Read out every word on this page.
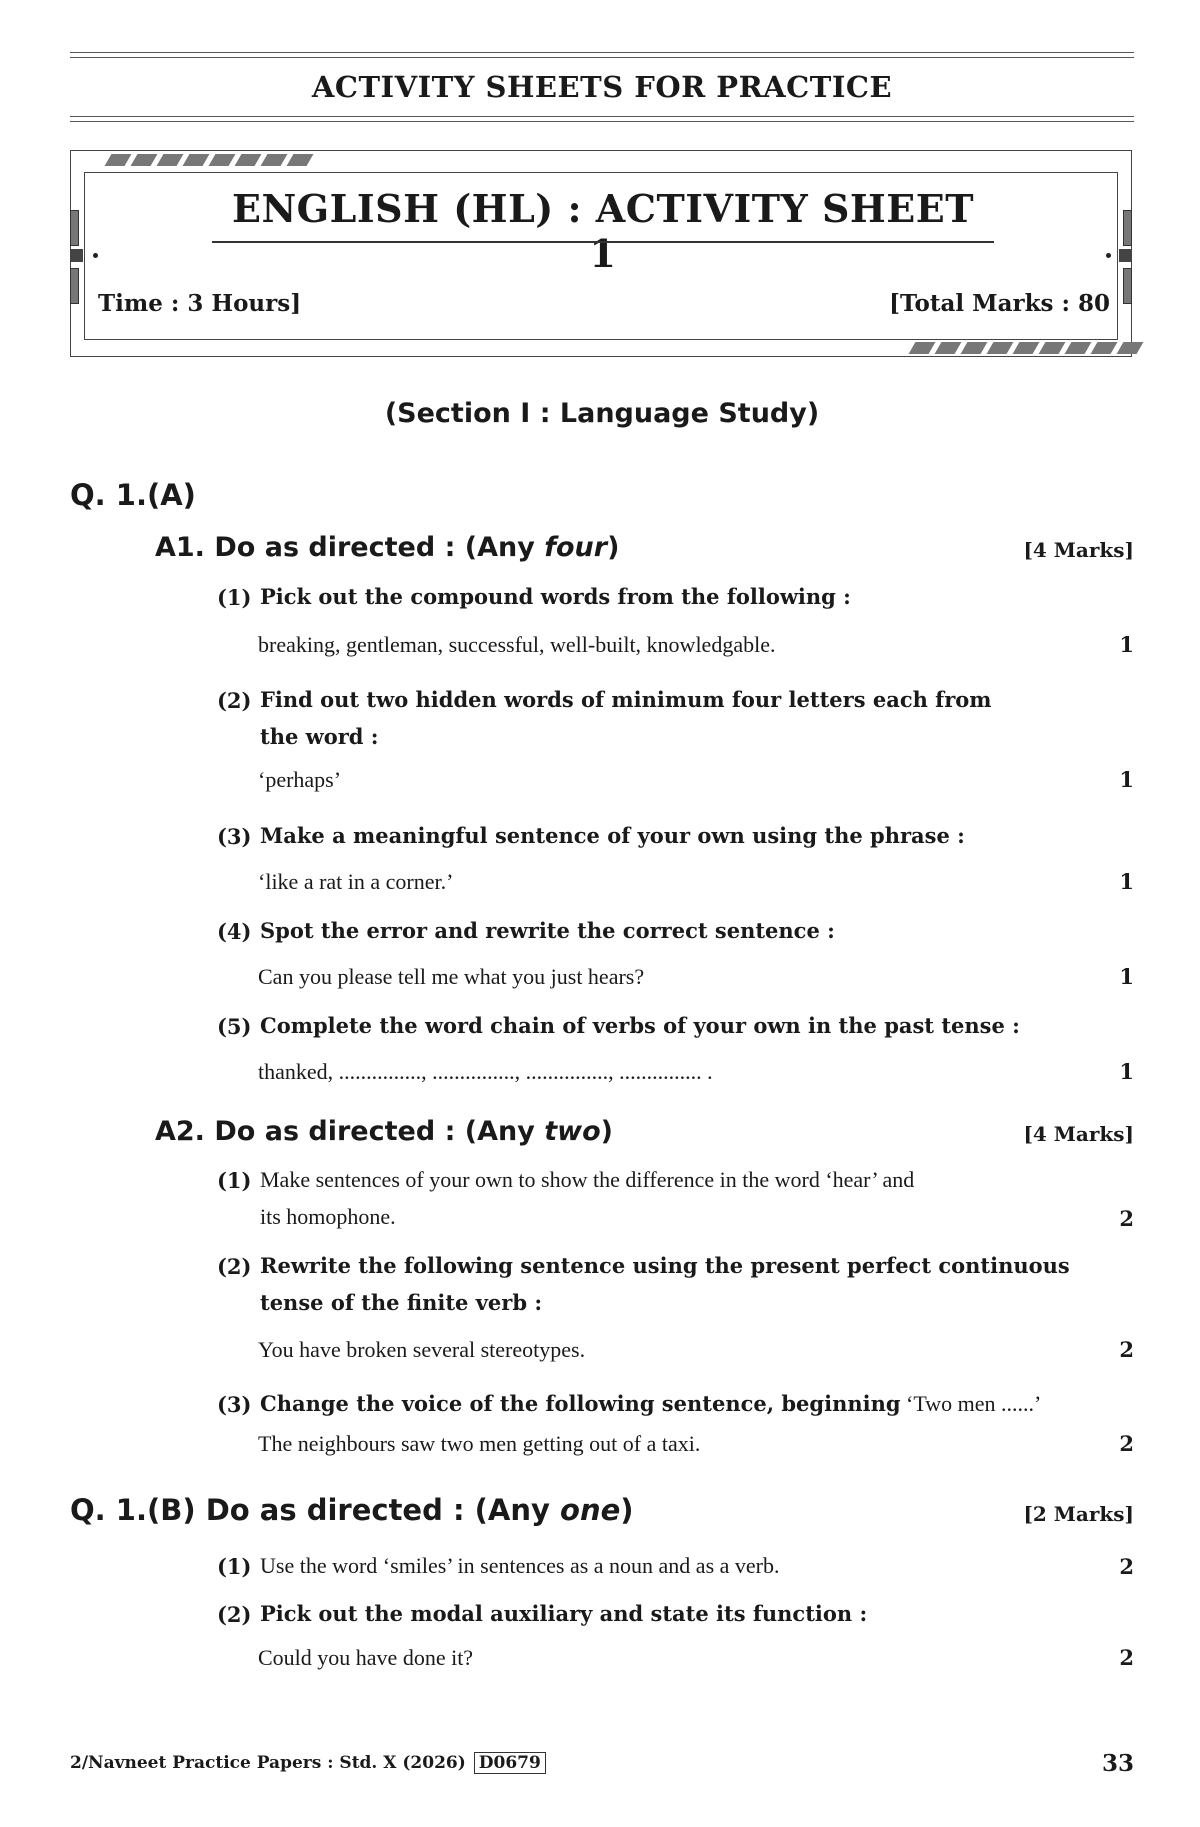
ACTIVITY SHEETS FOR PRACTICE
ENGLISH (HL) : ACTIVITY SHEET 1
Time : 3 Hours]	[Total Marks : 80
(Section I : Language Study)
Q. 1.(A)
A1. Do as directed : (Any four)	[4 Marks]
(1) Pick out the compound words from the following :
breaking, gentleman, successful, well-built, knowledgable.	1
(2) Find out two hidden words of minimum four letters each from
the word :
‘perhaps’	1
(3) Make a meaningful sentence of your own using the phrase :
‘like a rat in a corner.’	1
(4) Spot the error and rewrite the correct sentence :
Can you please tell me what you just hears?	1
(5) Complete the word chain of verbs of your own in the past tense :
thanked, ..............., ..............., ..............., ............... .	1
A2. Do as directed : (Any two)	[4 Marks]
(1) Make sentences of your own to show the difference in the word ‘hear’ and
its homophone.	2
(2) Rewrite the following sentence using the present perfect continuous
tense of the finite verb :
You have broken several stereotypes.	2
(3) Change the voice of the following sentence, beginning ‘Two men ......’
The neighbours saw two men getting out of a taxi.	2
Q. 1.(B) Do as directed : (Any one)	[2 Marks]
(1) Use the word ‘smiles’ in sentences as a noun and as a verb.	2
(2) Pick out the modal auxiliary and state its function :
Could you have done it?	2
2/Navneet Practice Papers : Std. X (2026) D0679	33
